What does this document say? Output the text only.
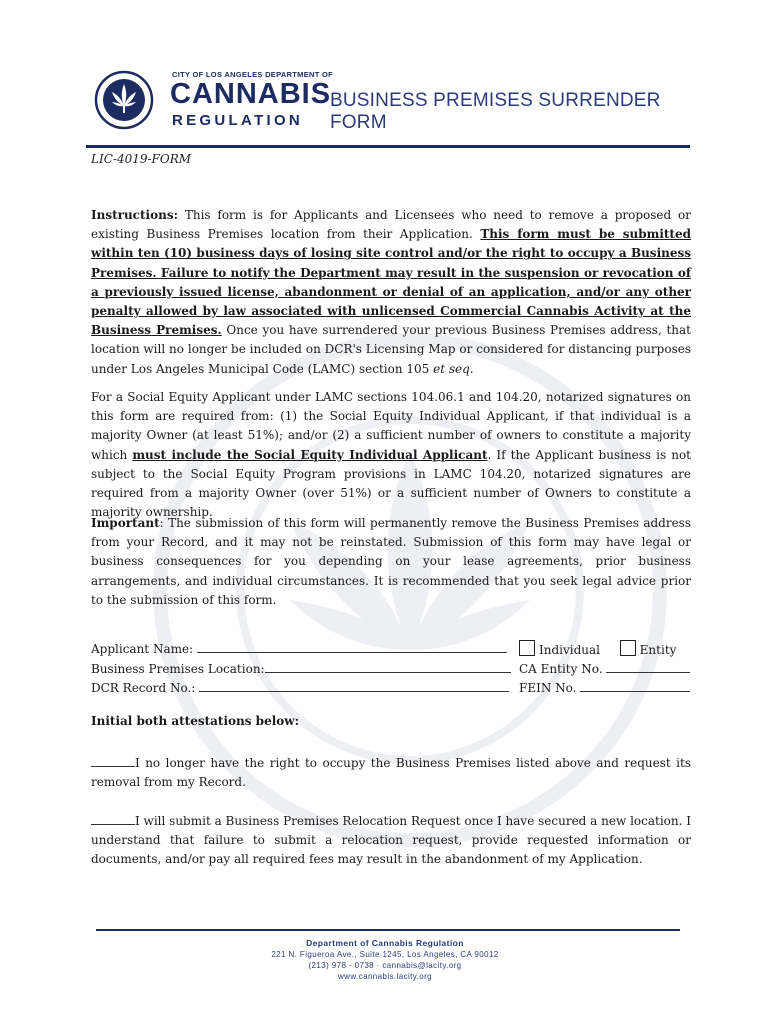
CITY OF LOS ANGELES DEPARTMENT OF
CANNABIS
REGULATION
BUSINESS PREMISES SURRENDER FORM
LIC-4019-FORM
Instructions: This form is for Applicants and Licensees who need to remove a proposed or existing Business Premises location from their Application. This form must be submitted within ten (10) business days of losing site control and/or the right to occupy a Business Premises. Failure to notify the Department may result in the suspension or revocation of a previously issued license, abandonment or denial of an application, and/or any other penalty allowed by law associated with unlicensed Commercial Cannabis Activity at the Business Premises. Once you have surrendered your previous Business Premises address, that location will no longer be included on DCR's Licensing Map or considered for distancing purposes under Los Angeles Municipal Code (LAMC) section 105 et seq.
For a Social Equity Applicant under LAMC sections 104.06.1 and 104.20, notarized signatures on this form are required from: (1) the Social Equity Individual Applicant, if that individual is a majority Owner (at least 51%); and/or (2) a sufficient number of owners to constitute a majority which must include the Social Equity Individual Applicant. If the Applicant business is not subject to the Social Equity Program provisions in LAMC 104.20, notarized signatures are required from a majority Owner (over 51%) or a sufficient number of Owners to constitute a majority ownership.
Important: The submission of this form will permanently remove the Business Premises address from your Record, and it may not be reinstated. Submission of this form may have legal or business consequences for you depending on your lease agreements, prior business arrangements, and individual circumstances. It is recommended that you seek legal advice prior to the submission of this form.
Applicant Name:	Individual	Entity
Business Premises Location:	CA Entity No.
DCR Record No.:	FEIN No.
Initial both attestations below:
I no longer have the right to occupy the Business Premises listed above and request its removal from my Record.
I will submit a Business Premises Relocation Request once I have secured a new location. I understand that failure to submit a relocation request, provide requested information or documents, and/or pay all required fees may result in the abandonment of my Application.
Department of Cannabis Regulation
221 N. Figueroa Ave., Suite 1245, Los Angeles, CA 90012
(213) 978 - 0738 · cannabis@lacity.org
www.cannabis.lacity.org
